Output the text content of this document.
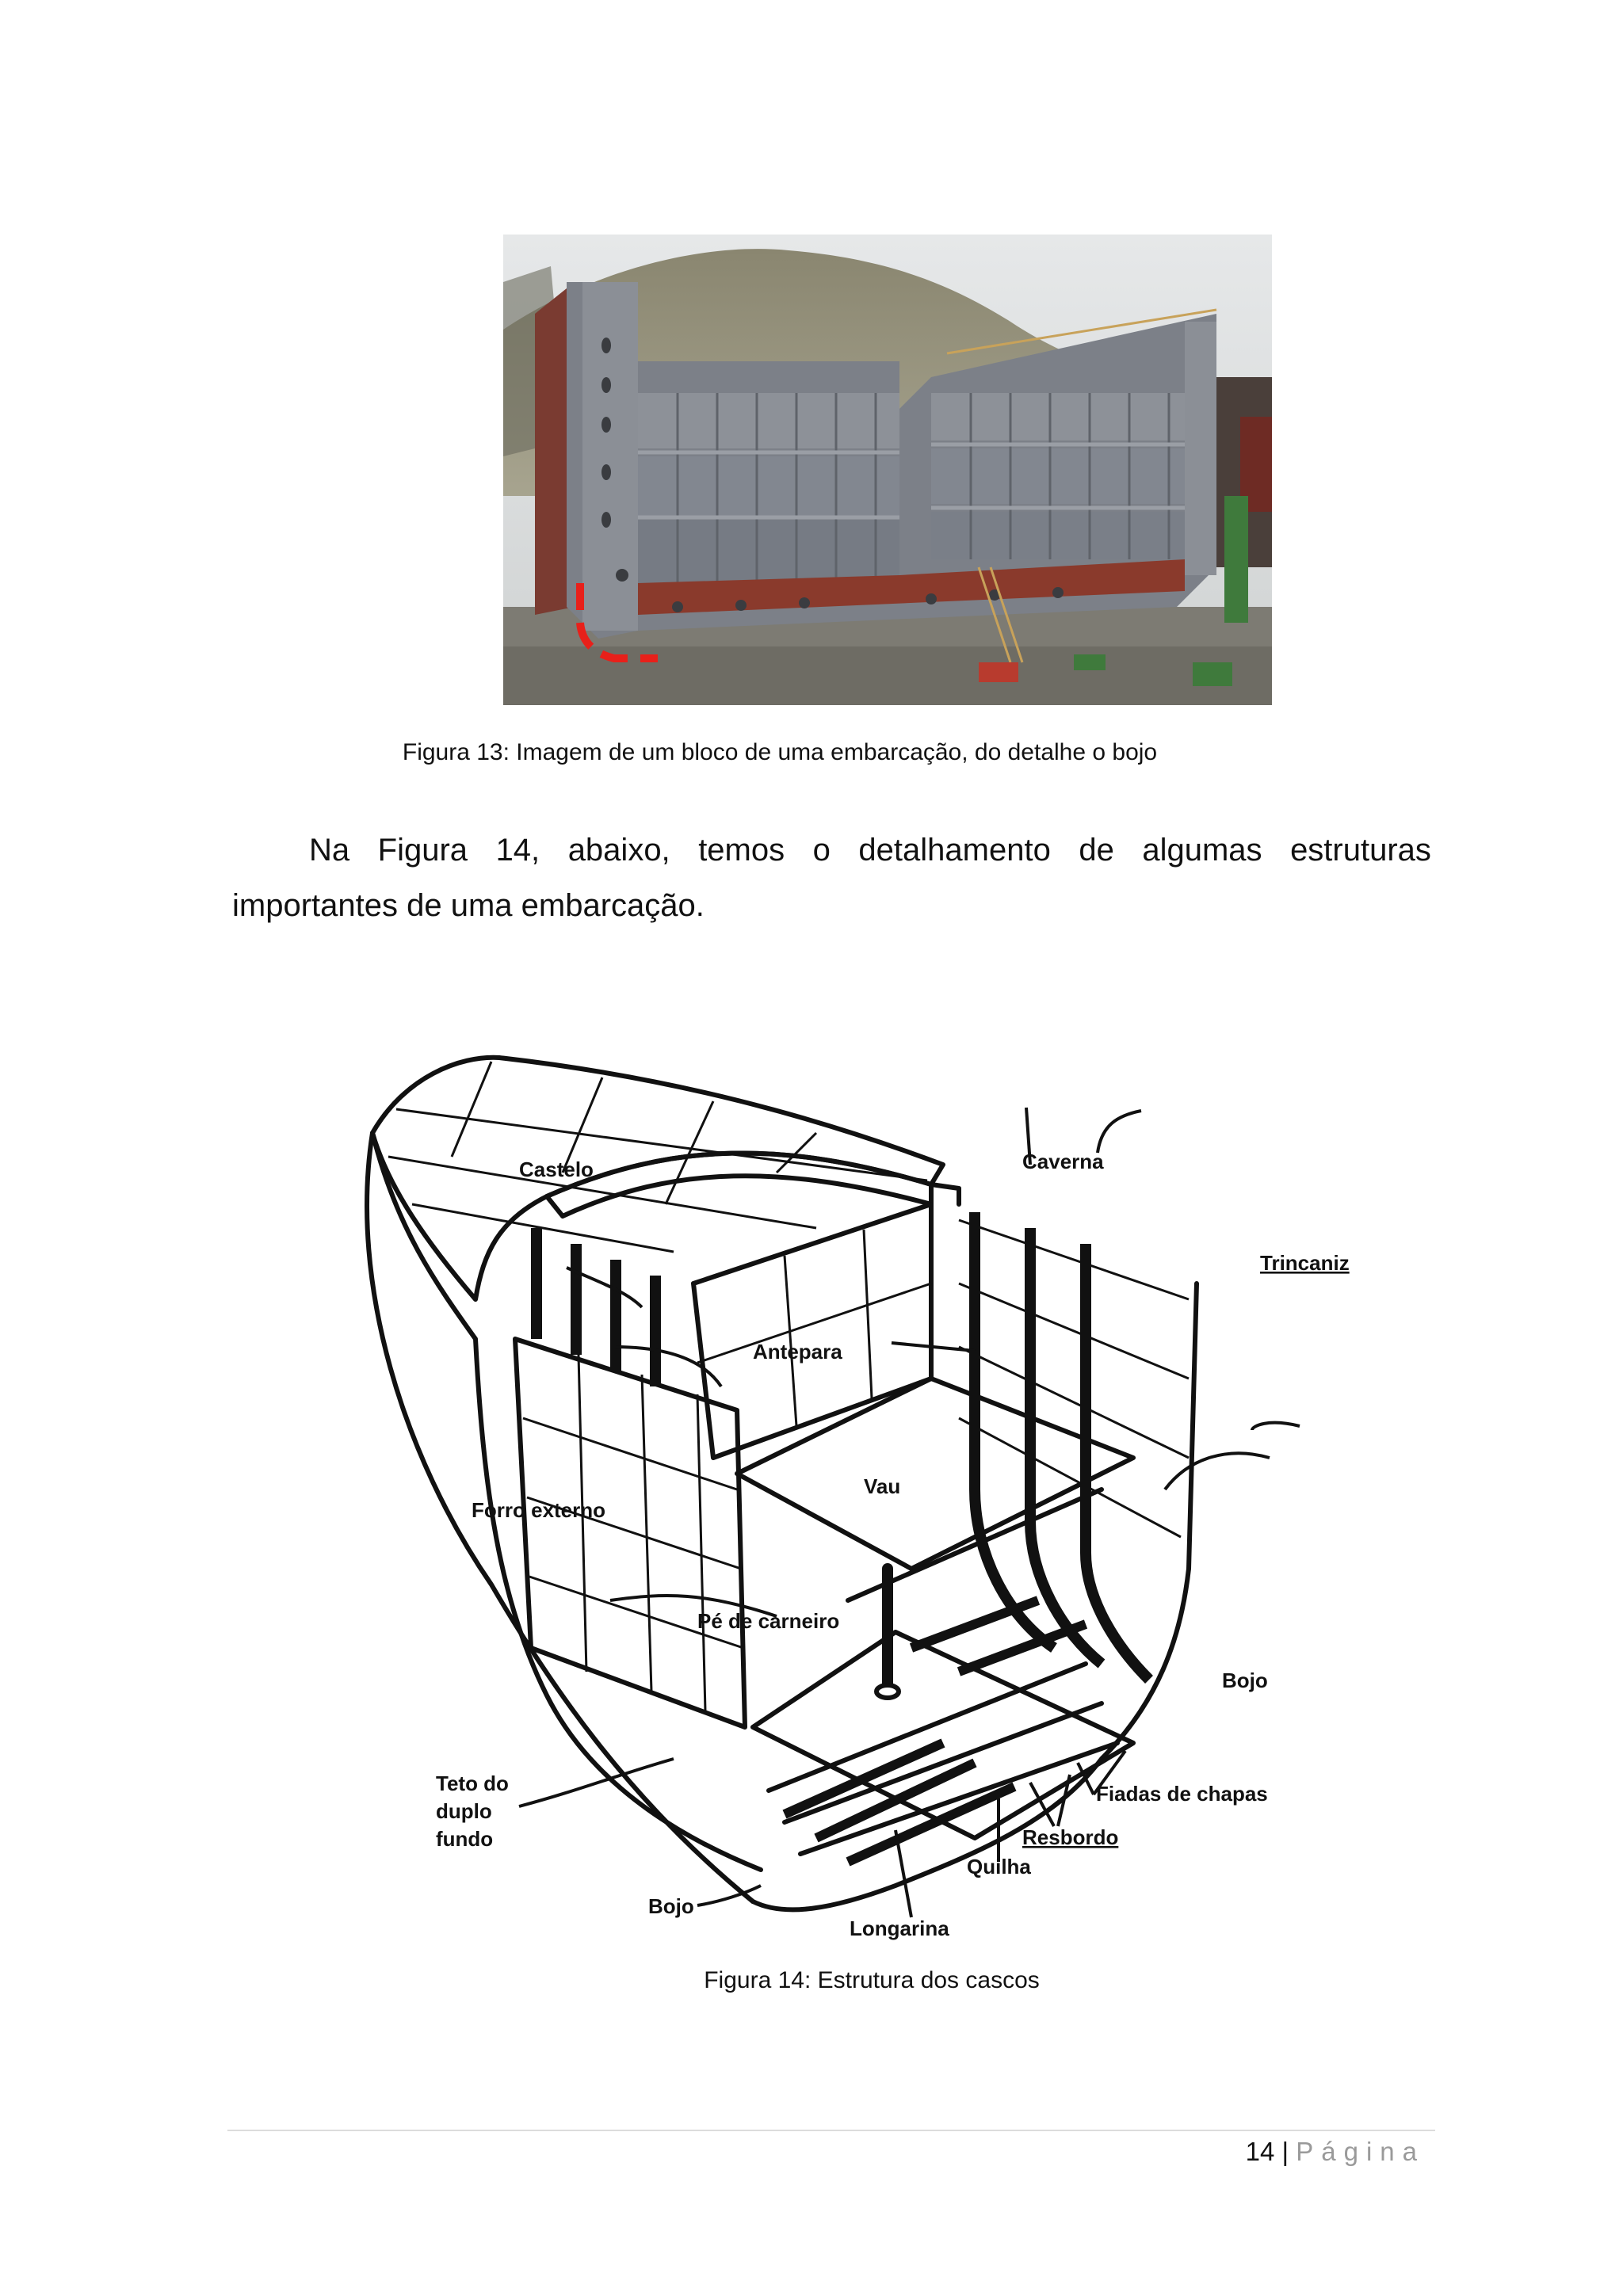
Figura 13: Imagem de um bloco de uma embarcação, do detalhe o bojo
Na Figura 14, abaixo, temos o detalhamento de algumas estruturas
importantes de uma embarcação.
Castelo	Caverna
Trincaniz
Antepara
Vau
Forro externo
Pé de carneiro
Bojo
Fiadas de chapas
Resbordo
Quilha
Teto do
duplo
fundo
Bojo
Longarina
Figura 14: Estrutura dos cascos
14 | Página
